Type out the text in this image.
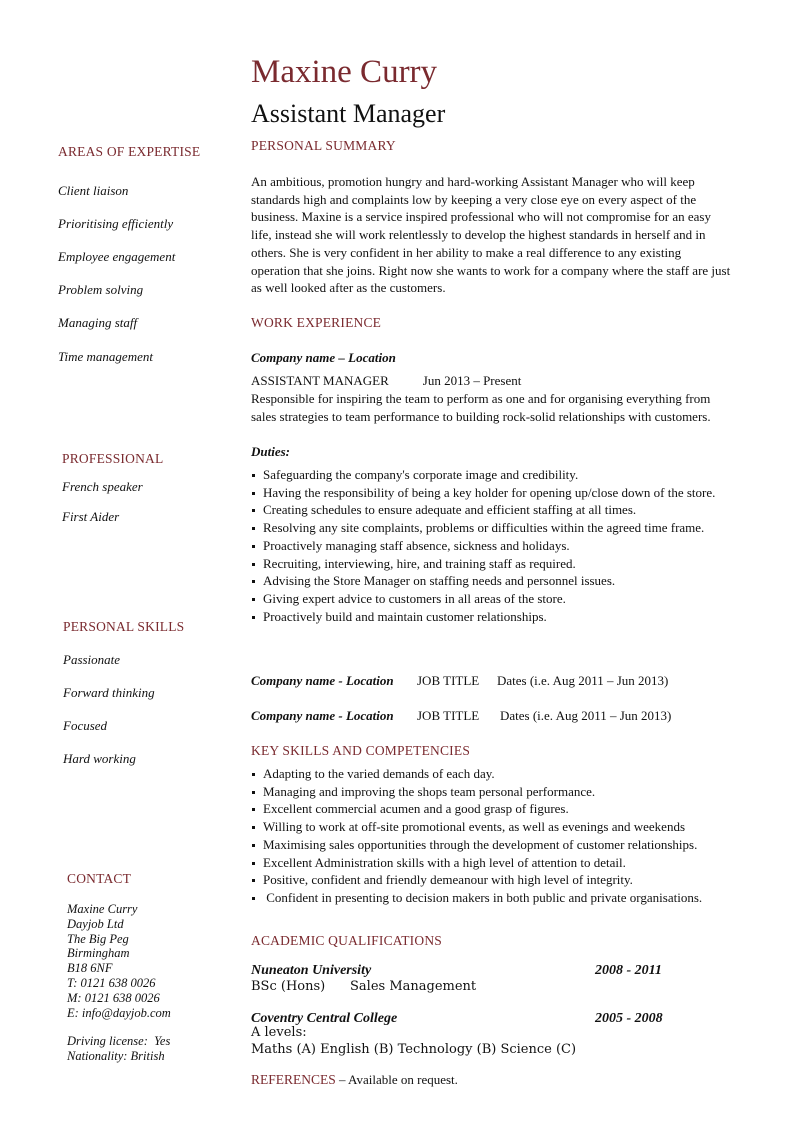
Maxine Curry
Assistant Manager
AREAS OF EXPERTISE
Client liaison
Prioritising efficiently
Employee engagement
Problem solving
Managing staff
Time management
PROFESSIONAL
French speaker
First Aider
PERSONAL SKILLS
Passionate
Forward thinking
Focused
Hard working
CONTACT
Maxine Curry
Dayjob Ltd
The Big Peg
Birmingham
B18 6NF
T: 0121 638 0026
M: 0121 638 0026
E: info@dayjob.com
Driving license:  Yes
Nationality: British
PERSONAL SUMMARY
An ambitious, promotion hungry and hard-working Assistant Manager who will keep standards high and complaints low by keeping a very close eye on every aspect of the business. Maxine is a service inspired professional who will not compromise for an easy life, instead she will work relentlessly to develop the highest standards in herself and in others. She is very confident in her ability to make a real difference to any existing operation that she joins. Right now she wants to work for a company where the staff are just as well looked after as the customers.
WORK EXPERIENCE
Company name – Location
ASSISTANT MANAGER	Jun 2013 – Present
Responsible for inspiring the team to perform as one and for organising everything from sales strategies to team performance to building rock-solid relationships with customers.
Duties:
Safeguarding the company's corporate image and credibility.
Having the responsibility of being a key holder for opening up/close down of the store.
Creating schedules to ensure adequate and efficient staffing at all times.
Resolving any site complaints, problems or difficulties within the agreed time frame.
Proactively managing staff absence, sickness and holidays.
Recruiting, interviewing, hire, and training staff as required.
Advising the Store Manager on staffing needs and personnel issues.
Giving expert advice to customers in all areas of the store.
Proactively build and maintain customer relationships.
Company name - Location JOB TITLE Dates (i.e. Aug 2011 – Jun 2013)
Company name - Location JOB TITLE Dates (i.e. Aug 2011 – Jun 2013)
KEY SKILLS AND COMPETENCIES
Adapting to the varied demands of each day.
Managing and improving the shops team personal performance.
Excellent commercial acumen and a good grasp of figures.
Willing to work at off-site promotional events, as well as evenings and weekends
Maximising sales opportunities through the development of customer relationships.
Excellent Administration skills with a high level of attention to detail.
Positive, confident and friendly demeanour with high level of integrity.
Confident in presenting to decision makers in both public and private organisations.
ACADEMIC QUALIFICATIONS
Nuneaton University	2008 - 2011
BSc (Hons)      Sales Management
Coventry Central College	2005 - 2008
A levels:
Maths (A) English (B) Technology (B) Science (C)
REFERENCES – Available on request.
